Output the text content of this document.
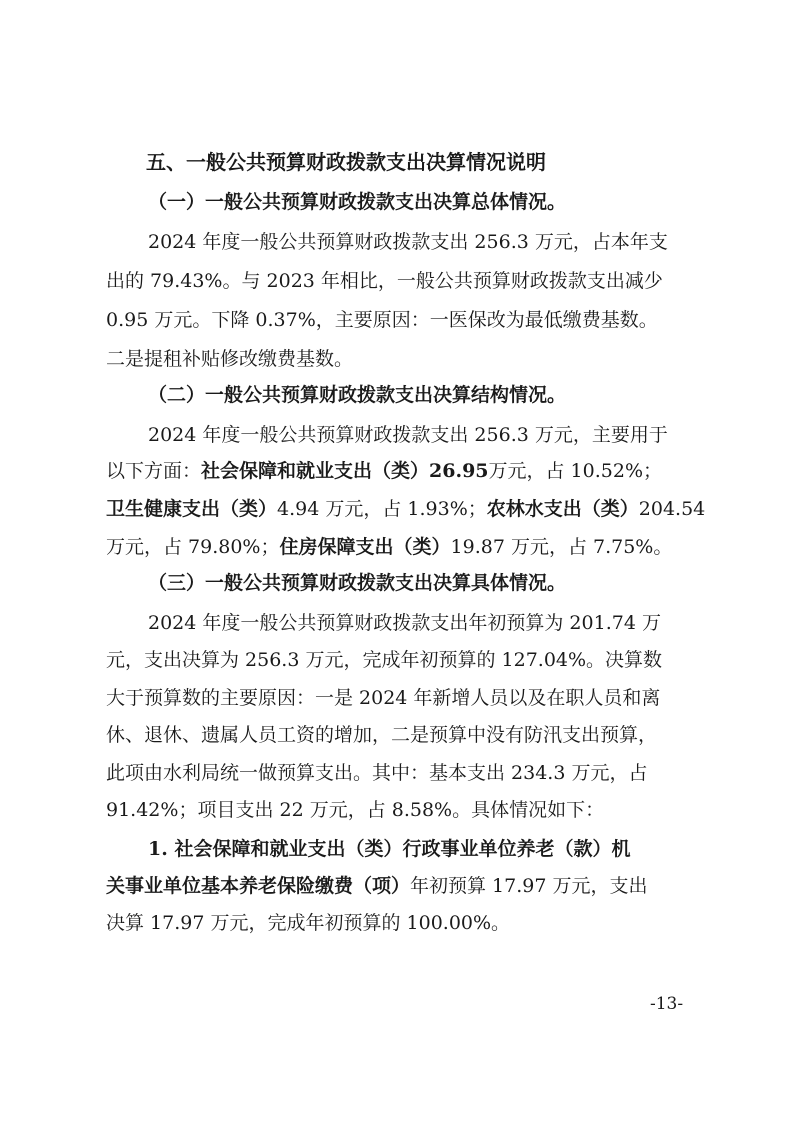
五、一般公共预算财政拨款支出决算情况说明
（一）一般公共预算财政拨款支出决算总体情况。
2024 年度一般公共预算财政拨款支出 256.3 万元，占本年支
出的 79.43%。与 2023 年相比，一般公共预算财政拨款支出减少
0.95 万元。下降 0.37%，主要原因：一医保改为最低缴费基数。
二是提租补贴修改缴费基数。
（二）一般公共预算财政拨款支出决算结构情况。
2024 年度一般公共预算财政拨款支出 256.3 万元，主要用于
以下方面：社会保障和就业支出（类）26.95万元，占 10.52%；
卫生健康支出（类）4.94 万元，占 1.93%；农林水支出（类）204.54
万元，占 79.80%；住房保障支出（类）19.87 万元，占 7.75%。
（三）一般公共预算财政拨款支出决算具体情况。
2024 年度一般公共预算财政拨款支出年初预算为 201.74 万
元，支出决算为 256.3 万元，完成年初预算的 127.04%。决算数
大于预算数的主要原因：一是 2024 年新增人员以及在职人员和离
休、退休、遗属人员工资的增加，二是预算中没有防汛支出预算，
此项由水利局统一做预算支出。其中：基本支出 234.3 万元，占
91.42%；项目支出 22 万元，占 8.58%。具体情况如下：
1. 社会保障和就业支出（类）行政事业单位养老（款）机
关事业单位基本养老保险缴费（项）年初预算 17.97 万元，支出
决算 17.97 万元，完成年初预算的 100.00%。
-13-
